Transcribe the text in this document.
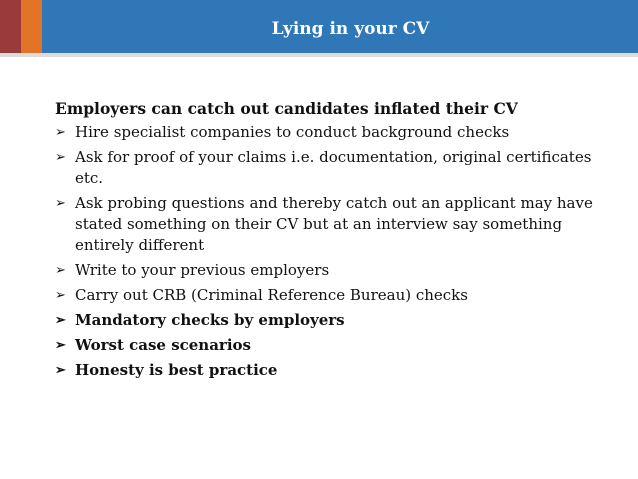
Lying in your CV
Employers can catch out candidates inflated their CV
➢ Hire specialist companies to conduct background checks
➢ Ask for proof of your claims i.e. documentation, original certificates etc.
➢ Ask probing questions and thereby catch out an applicant may have stated something on their CV but at an interview say something entirely different
➢ Write to your previous employers
➢ Carry out CRB (Criminal Reference Bureau) checks
➢ Mandatory checks by employers
➢ Worst case scenarios
➢ Honesty is best practice
